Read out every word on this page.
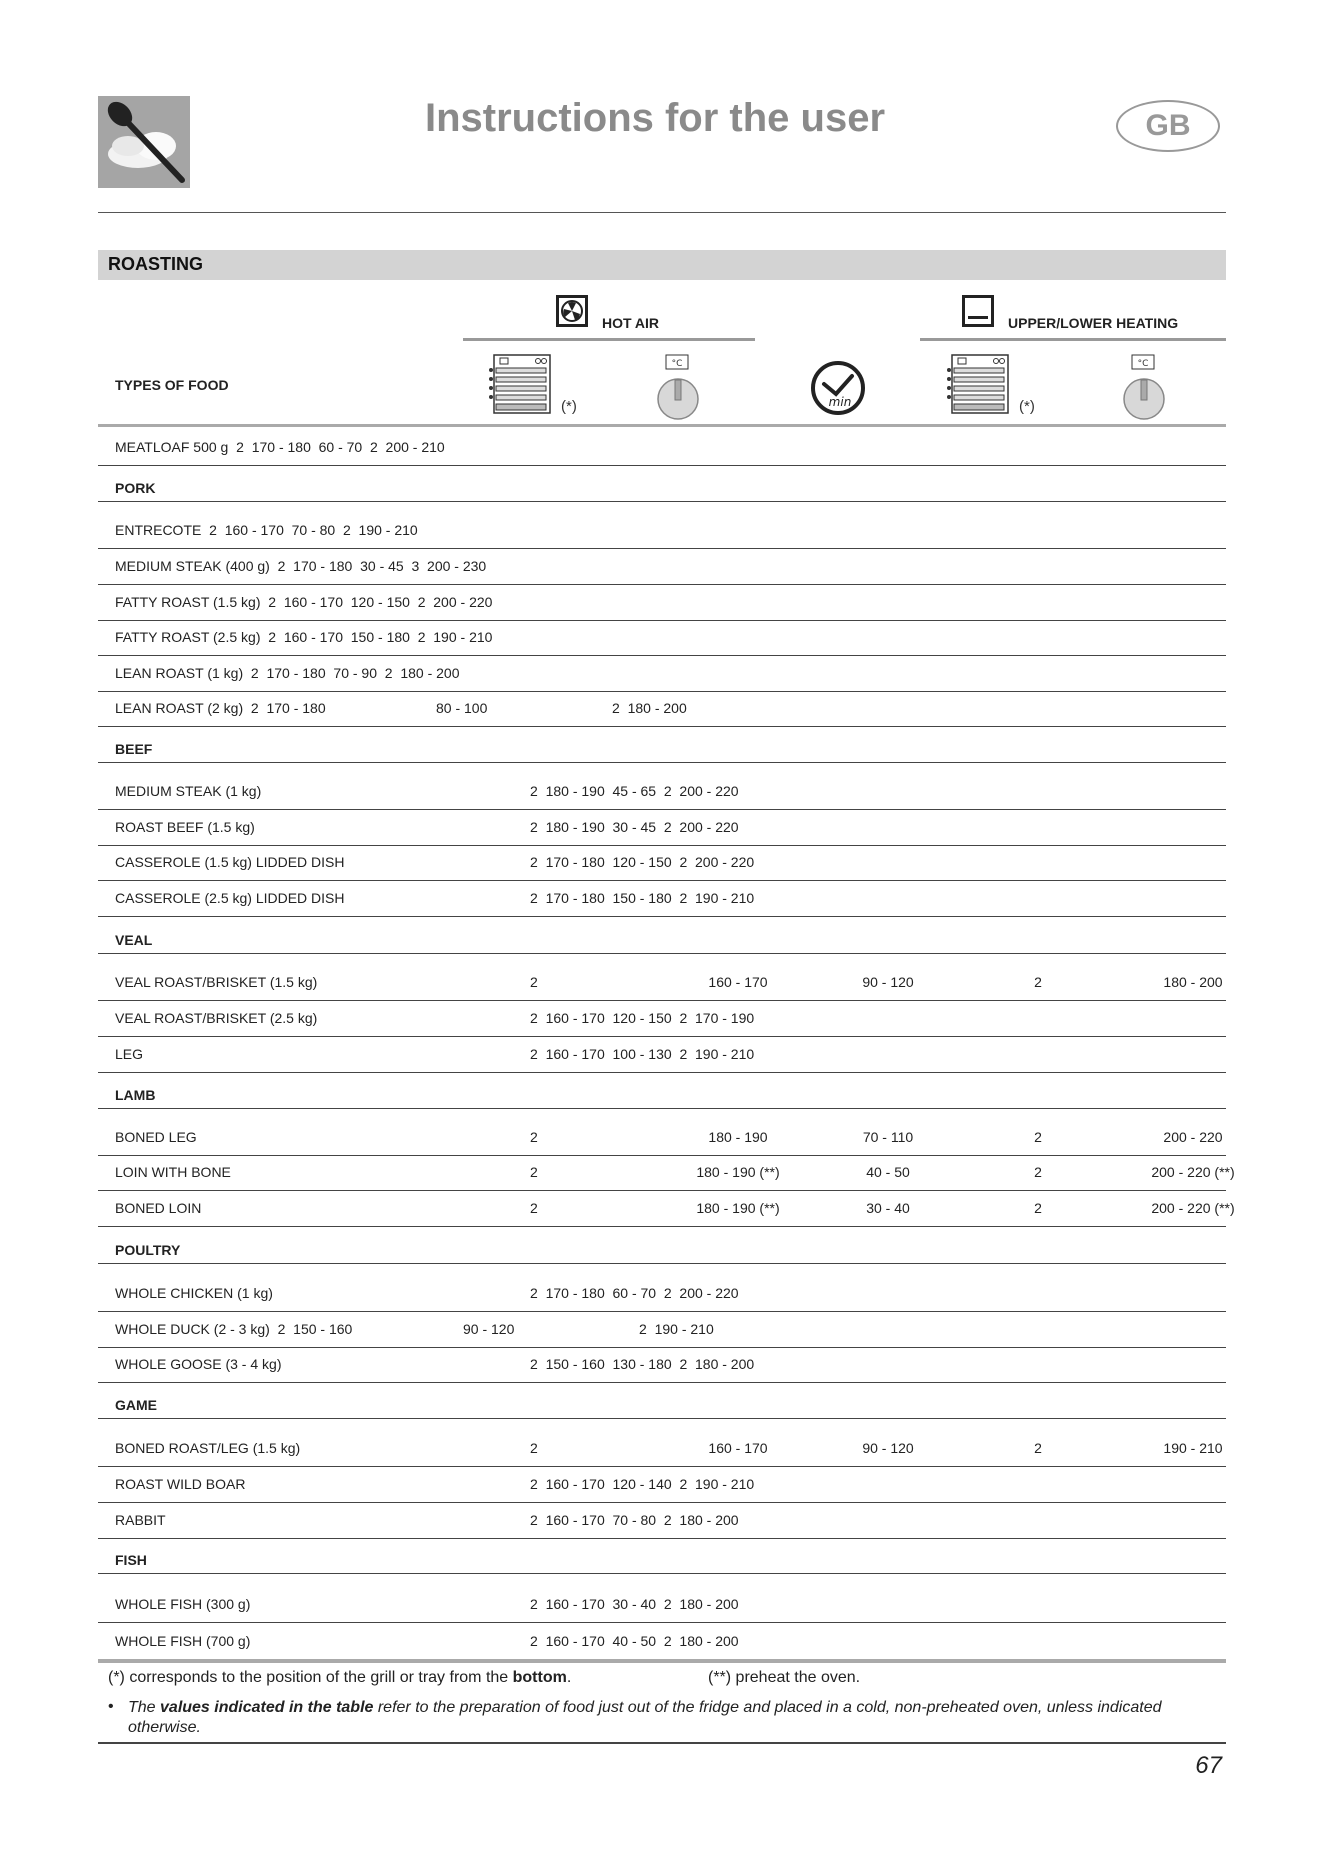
Instructions for the user	GB
ROASTING
HOT AIR	UPPER/LOWER HEATING
TYPES OF FOOD
(*)
°C
min	(*)
°C
MEATLOAF 500 g 2  170 - 180  60 - 70  2  200 - 210
PORK
ENTRECOTE 2  160 - 170  70 - 80  2  190 - 210
MEDIUM STEAK (400 g) 2  170 - 180  30 - 45  3  200 - 230
FATTY ROAST (1.5 kg) 2  160 - 170  120 - 150  2  200 - 220
FATTY ROAST (2.5 kg) 2  160 - 170  150 - 180  2  190 - 210
LEAN ROAST (1 kg) 2  170 - 180  70 - 90  2  180 - 200
LEAN ROAST (2 kg) 2  170 - 180	80 - 100	2  180 - 200
BEEF
MEDIUM STEAK (1 kg)	2  180 - 190  45 - 65  2  200 - 220
ROAST BEEF (1.5 kg)	2  180 - 190  30 - 45  2  200 - 220
CASSEROLE (1.5 kg) LIDDED DISH	2  170 - 180  120 - 150  2  200 - 220
CASSEROLE (2.5 kg) LIDDED DISH	2  170 - 180  150 - 180  2  190 - 210
VEAL
VEAL ROAST/BRISKET (1.5 kg)	2	160 - 170	90 - 120	2	180 - 200
VEAL ROAST/BRISKET (2.5 kg)	2  160 - 170  120 - 150  2  170 - 190
LEG	2  160 - 170  100 - 130  2  190 - 210
LAMB
BONED LEG	2	180 - 190	70 - 110	2	200 - 220
LOIN WITH BONE	2	180 - 190 (**)	40 - 50	2	200 - 220 (**)
BONED LOIN	2	180 - 190 (**)	30 - 40	2	200 - 220 (**)
POULTRY
WHOLE CHICKEN (1 kg)	2  170 - 180  60 - 70  2  200 - 220
WHOLE DUCK (2 - 3 kg) 2  150 - 160	90 - 120	2  190 - 210
WHOLE GOOSE (3 - 4 kg)	2  150 - 160  130 - 180  2  180 - 200
GAME
BONED ROAST/LEG (1.5 kg)	2	160 - 170	90 - 120	2	190 - 210
ROAST WILD BOAR	2  160 - 170  120 - 140  2  190 - 210
RABBIT	2  160 - 170  70 - 80  2  180 - 200
FISH
WHOLE FISH (300 g)	2  160 - 170  30 - 40  2  180 - 200
WHOLE FISH (700 g)	2  160 - 170  40 - 50  2  180 - 200
(*) corresponds to the position of the grill or tray from the bottom.	(**) preheat the oven.
• The values indicated in the table refer to the preparation of food just out of the fridge and placed in a cold, non-preheated oven, unless indicated otherwise.
67
